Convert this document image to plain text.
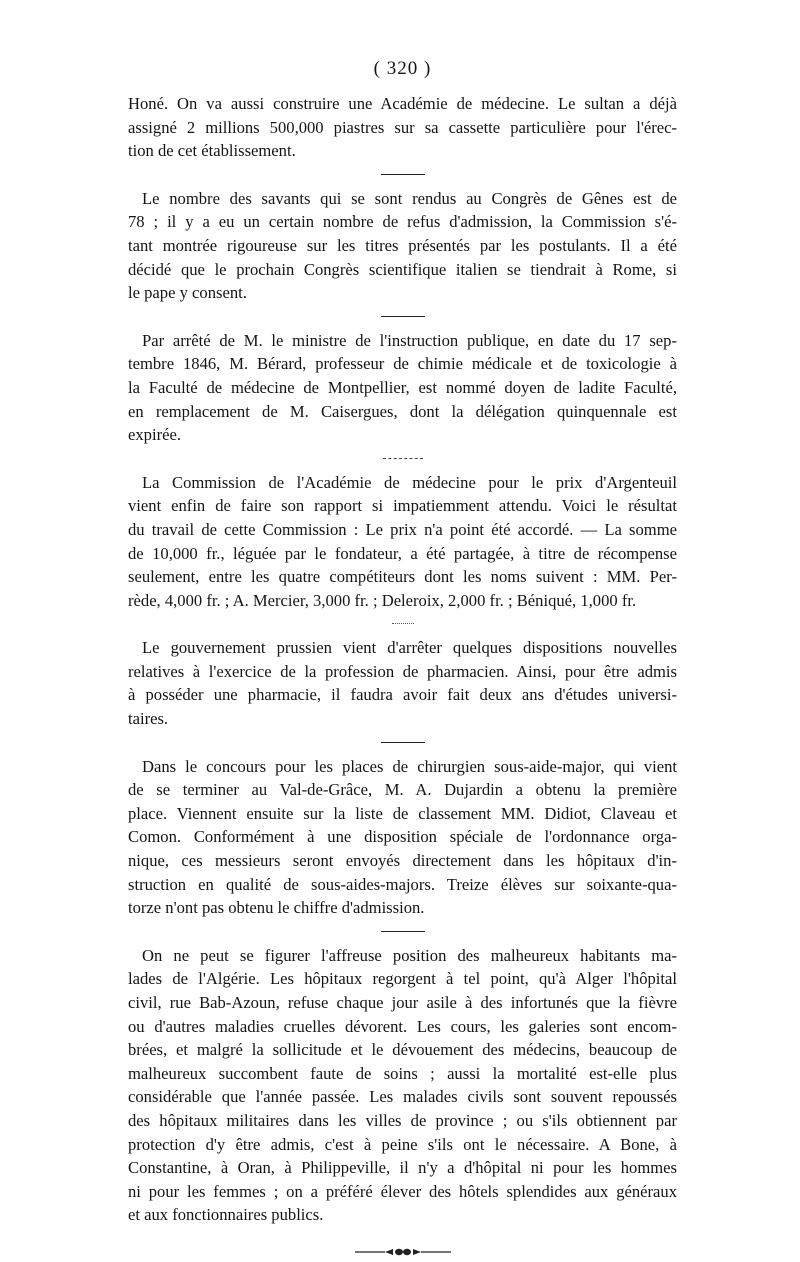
( 320 )
Honé. On va aussi construire une Académie de médecine. Le sultan a déjà
assigné 2 millions 500,000 piastres sur sa cassette particulière pour l'érec-
tion de cet établissement.
Le nombre des savants qui se sont rendus au Congrès de Gênes est de
78 ; il y a eu un certain nombre de refus d'admission, la Commission s'é-
tant montrée rigoureuse sur les titres présentés par les postulants. Il a été
décidé que le prochain Congrès scientifique italien se tiendrait à Rome, si
le pape y consent.
Par arrêté de M. le ministre de l'instruction publique, en date du 17 sep-
tembre 1846, M. Bérard, professeur de chimie médicale et de toxicologie à
la Faculté de médecine de Montpellier, est nommé doyen de ladite Faculté,
en remplacement de M. Caisergues, dont la délégation quinquennale est
expirée.
La Commission de l'Académie de médecine pour le prix d'Argenteuil
vient enfin de faire son rapport si impatiemment attendu. Voici le résultat
du travail de cette Commission : Le prix n'a point été accordé. — La somme
de 10,000 fr., léguée par le fondateur, a été partagée, à titre de récompense
seulement, entre les quatre compétiteurs dont les noms suivent : MM. Per-
rède, 4,000 fr. ; A. Mercier, 3,000 fr. ; Deleroix, 2,000 fr. ; Béniqué, 1,000 fr.
Le gouvernement prussien vient d'arrêter quelques dispositions nouvelles
relatives à l'exercice de la profession de pharmacien. Ainsi, pour être admis
à posséder une pharmacie, il faudra avoir fait deux ans d'études universi-
taires.
Dans le concours pour les places de chirurgien sous-aide-major, qui vient
de se terminer au Val-de-Grâce, M. A. Dujardin a obtenu la première
place. Viennent ensuite sur la liste de classement MM. Didiot, Claveau et
Comon. Conformément à une disposition spéciale de l'ordonnance orga-
nique, ces messieurs seront envoyés directement dans les hôpitaux d'in-
struction en qualité de sous-aides-majors. Treize élèves sur soixante-qua-
torze n'ont pas obtenu le chiffre d'admission.
On ne peut se figurer l'affreuse position des malheureux habitants ma-
lades de l'Algérie. Les hôpitaux regorgent à tel point, qu'à Alger l'hôpital
civil, rue Bab-Azoun, refuse chaque jour asile à des infortunés que la fièvre
ou d'autres maladies cruelles dévorent. Les cours, les galeries sont encom-
brées, et malgré la sollicitude et le dévouement des médecins, beaucoup de
malheureux succombent faute de soins ; aussi la mortalité est-elle plus
considérable que l'année passée. Les malades civils sont souvent repoussés
des hôpitaux militaires dans les villes de province ; ou s'ils obtiennent par
protection d'y être admis, c'est à peine s'ils ont le nécessaire. A Bone, à
Constantine, à Oran, à Philippeville, il n'y a d'hôpital ni pour les hommes
ni pour les femmes ; on a préféré élever des hôtels splendides aux généraux
et aux fonctionnaires publics.
